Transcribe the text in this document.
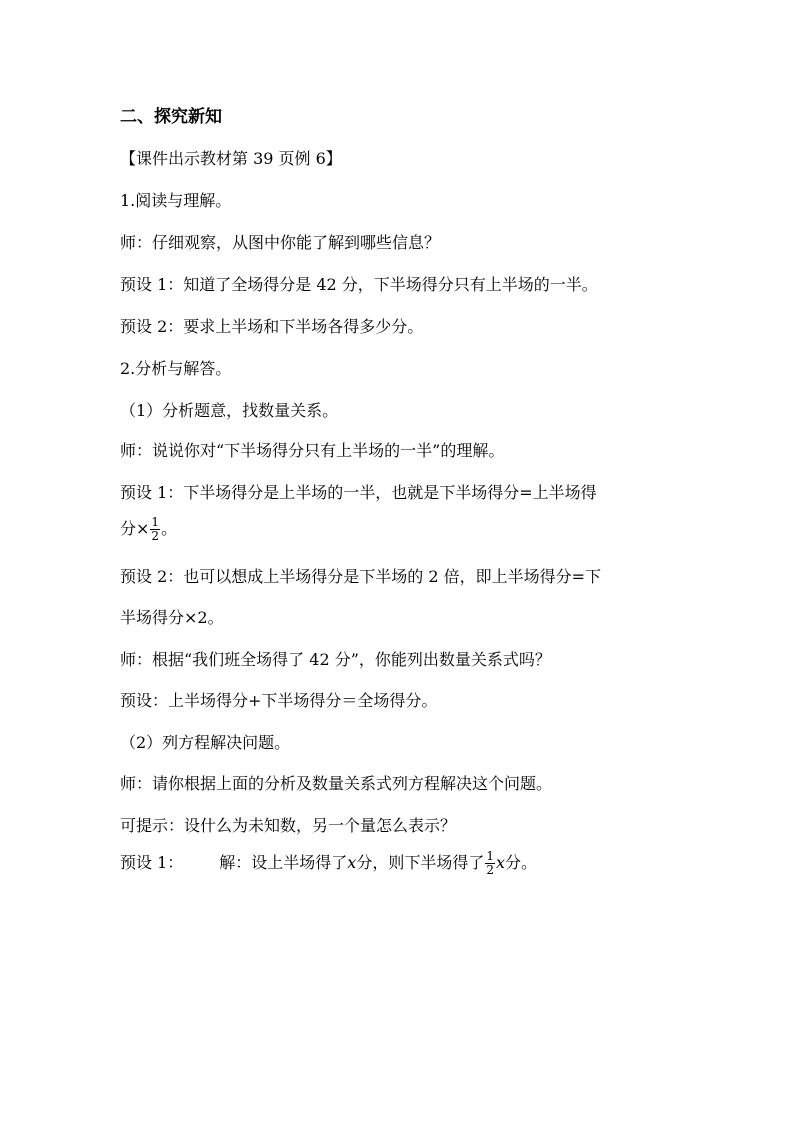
二、探究新知
【课件出示教材第 39 页例 6】
1.阅读与理解。
师：仔细观察，从图中你能了解到哪些信息？
预设 1：知道了全场得分是 42 分，下半场得分只有上半场的一半。
预设 2：要求上半场和下半场各得多少分。
2.分析与解答。
（1）分析题意，找数量关系。
师：说说你对“下半场得分只有上半场的一半”的理解。
预设 1：下半场得分是上半场的一半，也就是下半场得分=上半场得
分× $\frac{1}{2}$ 。
预设 2：也可以想成上半场得分是下半场的 2 倍，即上半场得分=下
半场得分×2。
师：根据“我们班全场得了 42 分”，你能列出数量关系式吗？
预设：上半场得分+下半场得分＝全场得分。
（2）列方程解决问题。
师：请你根据上面的分析及数量关系式列方程解决这个问题。
可提示：设什么为未知数，另一个量怎么表示？
预设 1： 解：设上半场得了x分，则下半场得了 $\frac{1}{2}$ x分。
